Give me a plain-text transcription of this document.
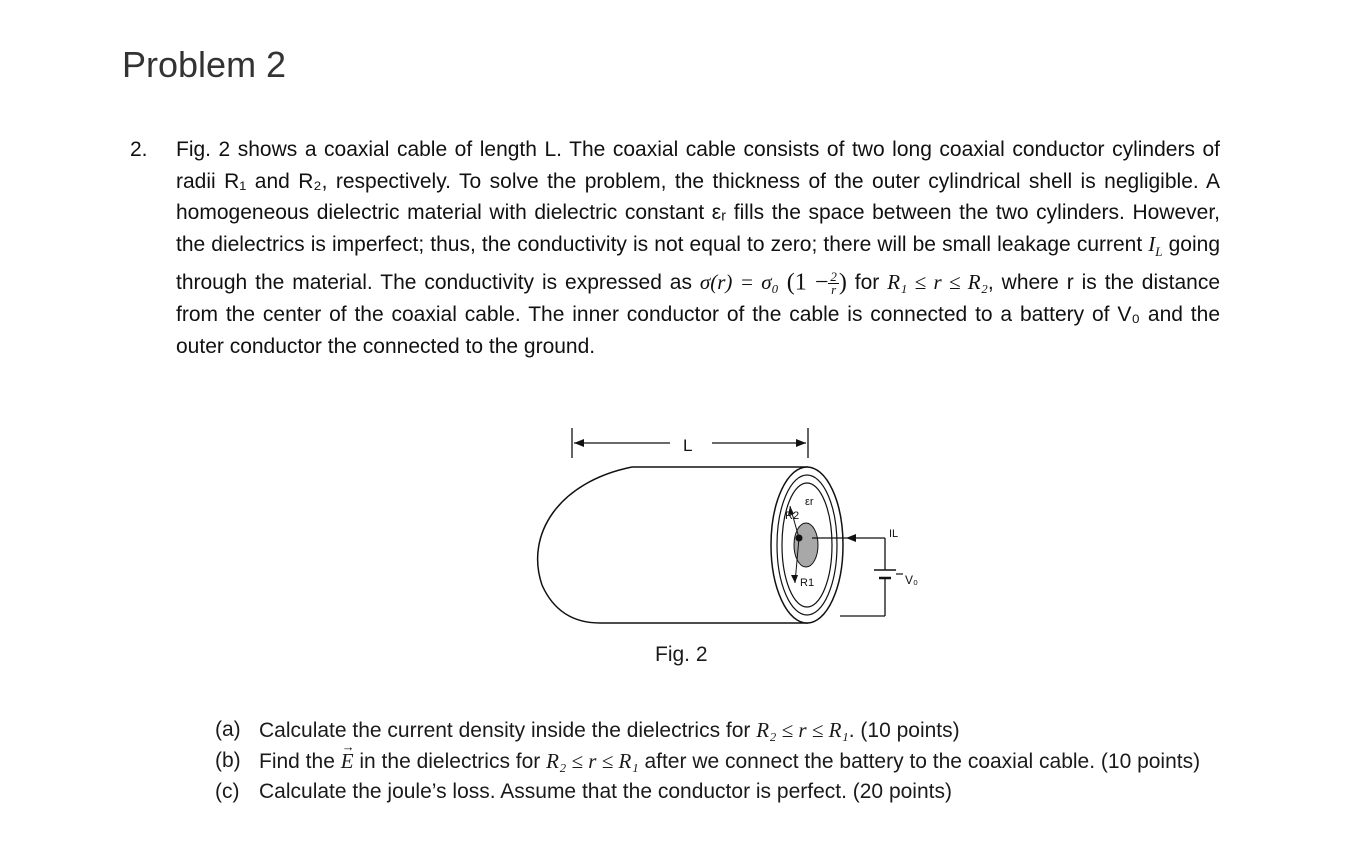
Problem 2
2. Fig. 2 shows a coaxial cable of length L. The coaxial cable consists of two long coaxial conductor cylinders of radii R₁ and R₂, respectively. To solve the problem, the thickness of the outer cylindrical shell is negligible. A homogeneous dielectric material with dielectric constant εᵣ fills the space between the two cylinders. However, the dielectrics is imperfect; thus, the conductivity is not equal to zero; there will be small leakage current $I_L$ going through the material. The conductivity is expressed as σ(r) = σ₀ ($1 - \frac{2}{r}$ ) for R₁ ≤ r ≤ R₂, where r is the distance from the center of the coaxial cable. The inner conductor of the cable is connected to a battery of V₀ and the outer conductor the connected to the ground.
L
εr
R2
R1
IL
V₀
Fig. 2
(a) Calculate the current density inside the dielectrics for R₂ ≤ r ≤ R₁. (10 points)
(b) Find the → E in the dielectrics for R₂ ≤ r ≤ R₁ after we connect the battery to the coaxial cable. (10 points)
(c) Calculate the joule’s loss. Assume that the conductor is perfect. (20 points)
